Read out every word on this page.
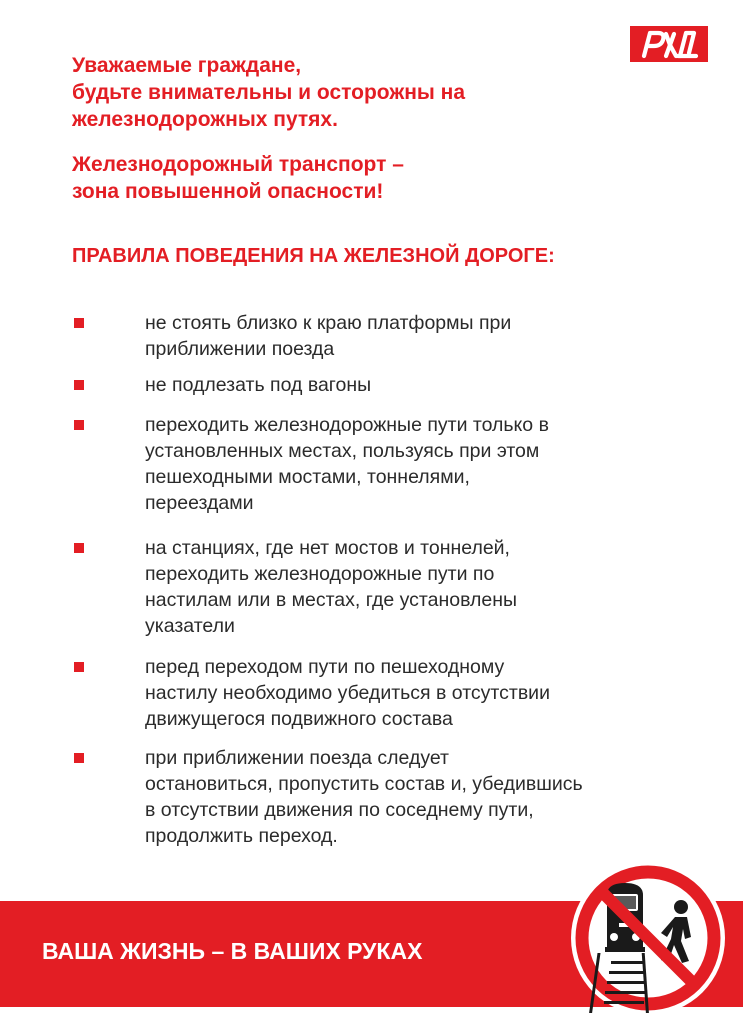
Уважаемые граждане,
будьте внимательны и осторожны на
железнодорожных путях.
Железнодорожный транспорт –
зона повышенной опасности!
ПРАВИЛА ПОВЕДЕНИЯ НА ЖЕЛЕЗНОЙ ДОРОГЕ:
не стоять близко к краю платформы при
приближении поезда
не подлезать под вагоны
переходить железнодорожные пути только в
установленных местах, пользуясь при этом
пешеходными мостами, тоннелями,
переездами
на станциях, где нет мостов и тоннелей,
переходить железнодорожные пути по
настилам или в местах, где установлены
указатели
перед переходом пути по пешеходному
настилу необходимо убедиться в отсутствии
движущегося подвижного состава
при приближении поезда следует
остановиться, пропустить состав и, убедившись
в отсутствии движения по соседнему пути,
продолжить переход.
ВАША ЖИЗНЬ – В ВАШИХ РУКАХ
